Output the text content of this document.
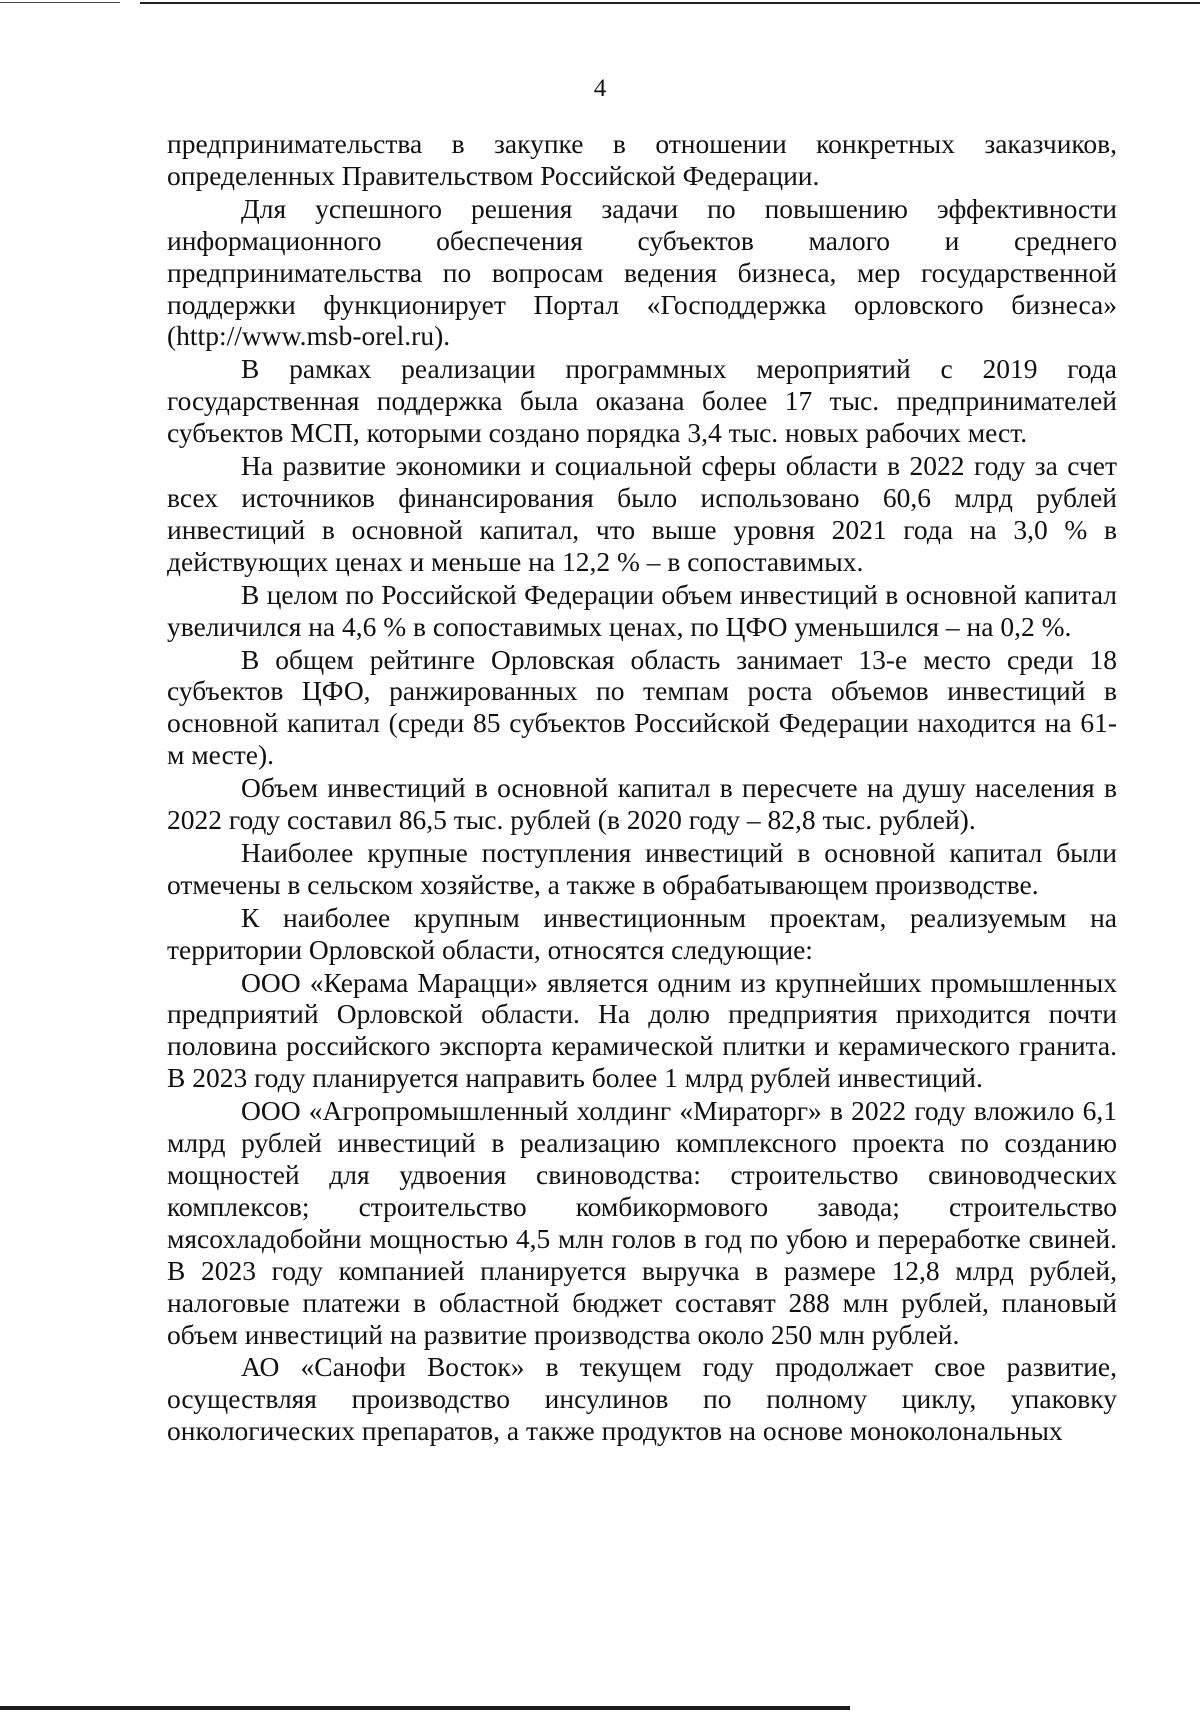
4

предпринимательства в закупке в отношении конкретных заказчиков, определенных Правительством Российской Федерации.

Для успешного решения задачи по повышению эффективности информационного обеспечения субъектов малого и среднего предпринимательства по вопросам ведения бизнеса, мер государственной поддержки функционирует Портал «Господдержка орловского бизнеса» (http://www.msb-orel.ru).

В рамках реализации программных мероприятий с 2019 года государственная поддержка была оказана более 17 тыс. предпринимателей субъектов МСП, которыми создано порядка 3,4 тыс. новых рабочих мест.

На развитие экономики и социальной сферы области в 2022 году за счет всех источников финансирования было использовано 60,6 млрд рублей инвестиций в основной капитал, что выше уровня 2021 года на 3,0 % в действующих ценах и меньше на 12,2 % – в сопоставимых.

В целом по Российской Федерации объем инвестиций в основной капитал увеличился на 4,6 % в сопоставимых ценах, по ЦФО уменьшился – на 0,2 %.

В общем рейтинге Орловская область занимает 13-е место среди 18 субъектов ЦФО, ранжированных по темпам роста объемов инвестиций в основной капитал (среди 85 субъектов Российской Федерации находится на 61-м месте).

Объем инвестиций в основной капитал в пересчете на душу населения в 2022 году составил 86,5 тыс. рублей (в 2020 году – 82,8 тыс. рублей).

Наиболее крупные поступления инвестиций в основной капитал были отмечены в сельском хозяйстве, а также в обрабатывающем производстве.

К наиболее крупным инвестиционным проектам, реализуемым на территории Орловской области, относятся следующие:

ООО «Керама Марацци» является одним из крупнейших промышленных предприятий Орловской области. На долю предприятия приходится почти половина российского экспорта керамической плитки и керамического гранита. В 2023 году планируется направить более 1 млрд рублей инвестиций.

ООО «Агропромышленный холдинг «Мираторг» в 2022 году вложило 6,1 млрд рублей инвестиций в реализацию комплексного проекта по созданию мощностей для удвоения свиноводства: строительство свиноводческих комплексов; строительство комбикормового завода; строительство мясохладобойни мощностью 4,5 млн голов в год по убою и переработке свиней. В 2023 году компанией планируется выручка в размере 12,8 млрд рублей, налоговые платежи в областной бюджет составят 288 млн рублей, плановый объем инвестиций на развитие производства около 250 млн рублей.

АО «Санофи Восток» в текущем году продолжает свое развитие, осуществляя производство инсулинов по полному циклу, упаковку онкологических препаратов, а также продуктов на основе моноколональных
